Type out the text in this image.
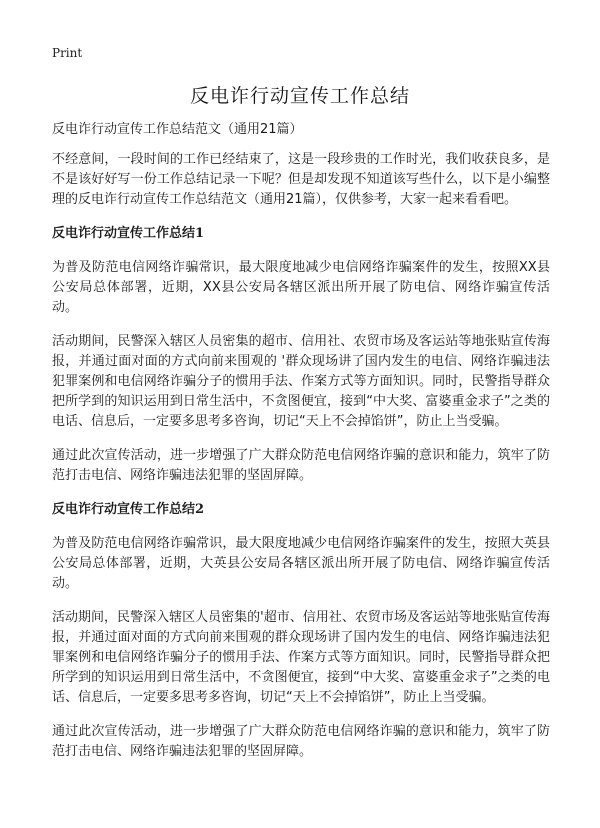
Print
反电诈行动宣传工作总结

反电诈行动宣传工作总结范文（通用21篇）

不经意间，一段时间的工作已经结束了，这是一段珍贵的工作时光，我们收获良多，是不是该好好写一份工作总结记录一下呢？但是却发现不知道该写些什么，以下是小编整理的反电诈行动宣传工作总结范文（通用21篇），仅供参考，大家一起来看看吧。

反电诈行动宣传工作总结1

为普及防范电信网络诈骗常识，最大限度地减少电信网络诈骗案件的发生，按照XX县公安局总体部署，近期，XX县公安局各辖区派出所开展了防电信、网络诈骗宣传活动。

活动期间，民警深入辖区人员密集的超市、信用社、农贸市场及客运站等地张贴宣传海报，并通过面对面的方式向前来围观的 '群众现场讲了国内发生的电信、网络诈骗违法犯罪案例和电信网络诈骗分子的惯用手法、作案方式等方面知识。同时，民警指导群众把所学到的知识运用到日常生活中，不贪图便宜，接到“中大奖、富婆重金求子”之类的电话、信息后，一定要多思考多咨询，切记“天上不会掉馅饼”，防止上当受骗。

通过此次宣传活动，进一步增强了广大群众防范电信网络诈骗的意识和能力，筑牢了防范打击电信、网络诈骗违法犯罪的坚固屏障。

反电诈行动宣传工作总结2

为普及防范电信网络诈骗常识，最大限度地减少电信网络诈骗案件的发生，按照大英县公安局总体部署，近期，大英县公安局各辖区派出所开展了防电信、网络诈骗宣传活动。

活动期间，民警深入辖区人员密集的'超市、信用社、农贸市场及客运站等地张贴宣传海报，并通过面对面的方式向前来围观的群众现场讲了国内发生的电信、网络诈骗违法犯罪案例和电信网络诈骗分子的惯用手法、作案方式等方面知识。同时，民警指导群众把所学到的知识运用到日常生活中，不贪图便宜，接到“中大奖、富婆重金求子”之类的电话、信息后，一定要多思考多咨询，切记“天上不会掉馅饼”，防止上当受骗。

通过此次宣传活动，进一步增强了广大群众防范电信网络诈骗的意识和能力，筑牢了防范打击电信、网络诈骗违法犯罪的坚固屏障。
